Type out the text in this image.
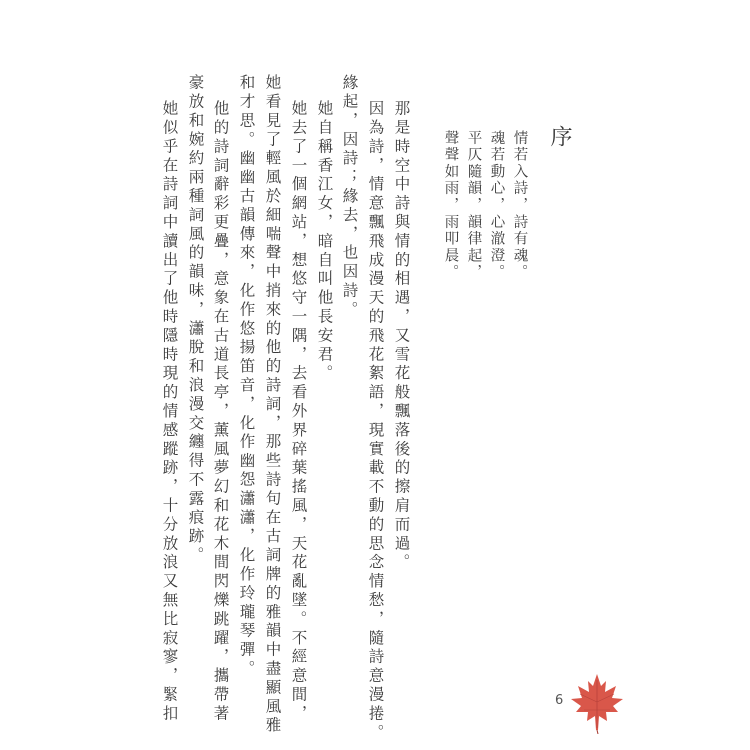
序
情若入詩，詩有魂。
魂若動心，心澈澄。
平仄隨韻，韻律起，
聲聲如雨，雨叩晨。
那是時空中詩與情的相遇，又雪花般飄落後的擦肩而過。
因為詩，情意飄飛成漫天的飛花絮語，現實載不動的思念情愁，隨詩意漫捲。
緣起，因詩；緣去，也因詩。
她自稱香江女，暗自叫他長安君。
她去了一個網站，想悠守一隅，去看外界碎葉搖風，天花亂墜。不經意間，
她看見了輕風於細喘聲中捎來的他的詩詞，那些詩句在古詞牌的雅韻中盡顯風雅
和才思。幽幽古韻傳來，化作悠揚笛音，化作幽怨瀟瀟，化作玲瓏琴彈。
他的詩詞辭彩更疊，意象在古道長亭，薰風夢幻和花木間閃爍跳躍，攜帶著
豪放和婉約兩種詞風的韻味，瀟脫和浪漫交纏得不露痕跡。
她似乎在詩詞中讀出了他時隱時現的情感蹤跡，十分放浪又無比寂寥，緊扣	6
